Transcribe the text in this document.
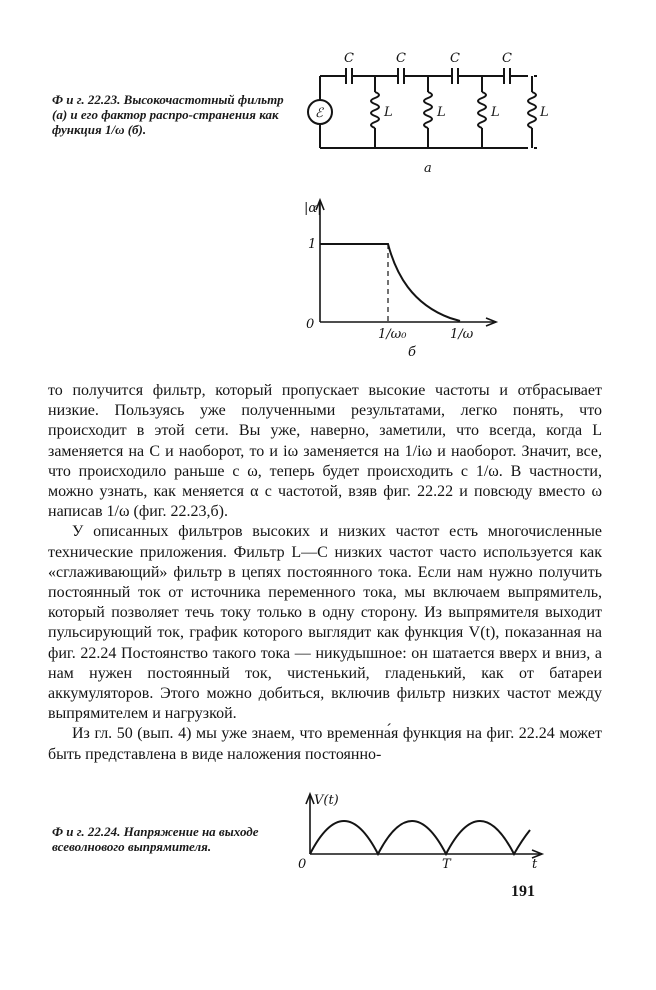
Ф и г. 22.23. Высокочастотный фильтр (а) и его фактор распро-странения как функция 1/ω (б).
ℰ
C	C	C	C
L	L	L	L
а
|α|
1
0
1/ω₀	1/ω
б

то получится фильтр, который пропускает высокие частоты и отбрасывает низкие. Пользуясь уже полученными результатами, легко понять, что происходит в этой сети. Вы уже, наверно, заметили, что всегда, когда L заменяется на C и наоборот, то и iω заменяется на 1/iω и наоборот. Значит, все, что происходило раньше с ω, теперь будет происходить с 1/ω. В частности, можно узнать, как меняется α с частотой, взяв фиг. 22.22 и повсюду вместо ω написав 1/ω (фиг. 22.23,б).

У описанных фильтров высоких и низких частот есть многочисленные технические приложения. Фильтр L—C низких частот часто используется как «сглаживающий» фильтр в цепях постоянного тока. Если нам нужно получить постоянный ток от источника переменного тока, мы включаем выпрямитель, который позволяет течь току только в одну сторону. Из выпрямителя выходит пульсирующий ток, график которого выглядит как функция V(t), показанная на фиг. 22.24 Постоянство такого тока — никудышное: он шатается вверх и вниз, а нам нужен постоянный ток, чистенький, гладенький, как от батареи аккумуляторов. Этого можно добиться, включив фильтр низких частот между выпрямителем и нагрузкой.

Из гл. 50 (вып. 4) мы уже знаем, что временна́я функция на фиг. 22.24 может быть представлена в виде наложения постоянно-

Ф и г. 22.24. Напряжение на выходе всеволнового выпрямителя.
V(t)
0	T	t
191
